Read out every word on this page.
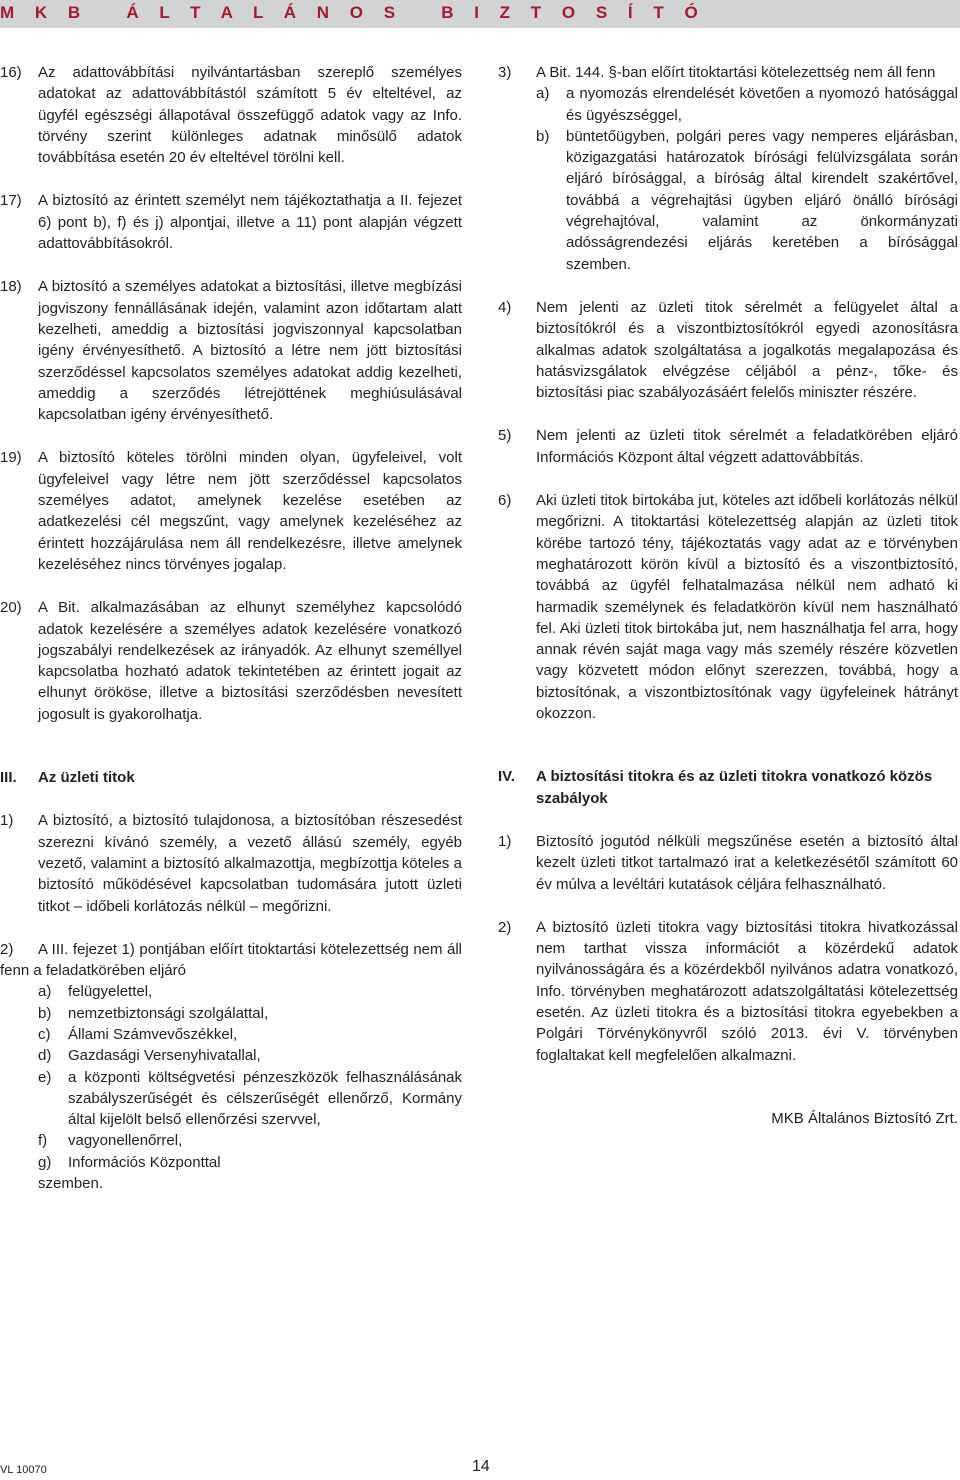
M K B   Á L T A L Á N O S   B I Z T O S Í T Ó
16)	Az adattovábbítási nyilvántartásban szereplő személyes adatokat az adattovábbítástól számított 5 év elteltével, az ügyfél egészségi állapotával összefüggő adatok vagy az Info. törvény szerint különleges adatnak minősülő adatok továbbítása esetén 20 év elteltével törölni kell.
17)	A biztosító az érintett személyt nem tájékoztathatja a II. fejezet 6) pont b), f) és j) alpontjai, illetve a 11) pont alapján végzett adattovábbításokról.
18)	A biztosító a személyes adatokat a biztosítási, illetve megbízási jogviszony fennállásának idején, valamint azon időtartam alatt kezelheti, ameddig a biztosítási jogviszonnyal kapcsolatban igény érvényesíthető. A biztosító a létre nem jött biztosítási szerződéssel kapcsolatos személyes adatokat addig kezelheti, ameddig a szerződés létrejöttének meghiúsulásával kapcsolatban igény érvényesíthető.
19)	A biztosító köteles törölni minden olyan, ügyfeleivel, volt ügyfeleivel vagy létre nem jött szerződéssel kapcsolatos személyes adatot, amelynek kezelése esetében az adatkezelési cél megszűnt, vagy amelynek kezeléséhez az érintett hozzájárulása nem áll rendelkezésre, illetve amelynek kezeléséhez nincs törvényes jogalap.
20)	A Bit. alkalmazásában az elhunyt személyhez kapcsolódó adatok kezelésére a személyes adatok kezelésére vonatkozó jogszabályi rendelkezések az irányadók. Az elhunyt személlyel kapcsolatba hozható adatok tekintetében az érintett jogait az elhunyt örököse, illetve a biztosítási szerződésben nevesített jogosult is gyakorolhatja.
III.	Az üzleti titok
1)	A biztosító, a biztosító tulajdonosa, a biztosítóban részesedést szerezni kívánó személy, a vezető állású személy, egyéb vezető, valamint a biztosító alkalmazottja, megbízottja köteles a biztosító működésével kapcsolatban tudomására jutott üzleti titkot – időbeli korlátozás nélkül – megőrizni.
2) A III. fejezet 1) pontjában előírt titoktartási kötelezettség nem áll fenn a feladatkörében eljáró
a)	felügyelettel,
b)	nemzetbiztonsági szolgálattal,
c)	Állami Számvevőszékkel,
d)	Gazdasági Versenyhivatallal,
e)	a központi költségvetési pénzeszközök felhasználásának szabályszerűségét és célszerűségét ellenőrző, Kormány által kijelölt belső ellenőrzési szervvel,
f)	vagyonellenőrrel,
g)	Információs Központtal
szemben.
3)	A Bit. 144. §-ban előírt titoktartási kötelezettség nem áll fenn
a)	a nyomozás elrendelését követően a nyomozó hatósággal és ügyészséggel,
b)	büntetőügyben, polgári peres vagy nemperes eljárásban, közigazgatási határozatok bírósági felülvizsgálata során eljáró bírósággal, a bíróság által kirendelt szakértővel, továbbá a végrehajtási ügyben eljáró önálló bírósági végrehajtóval, valamint az önkormányzati adósságrendezési eljárás keretében a bírósággal szemben.
4)	Nem jelenti az üzleti titok sérelmét a felügyelet által a biztosítókról és a viszontbiztosítókról egyedi azonosításra alkalmas adatok szolgáltatása a jogalkotás megalapozása és hatásvizsgálatok elvégzése céljából a pénz-, tőke- és biztosítási piac szabályozásáért felelős miniszter részére.
5)	Nem jelenti az üzleti titok sérelmét a feladatkörében eljáró Információs Központ által végzett adattovábbítás.
6)	Aki üzleti titok birtokába jut, köteles azt időbeli korlátozás nélkül megőrizni. A titoktartási kötelezettség alapján az üzleti titok körébe tartozó tény, tájékoztatás vagy adat az e törvényben meghatározott körön kívül a biztosító és a viszontbiztosító, továbbá az ügyfél felhatalmazása nélkül nem adható ki harmadik személynek és feladatkörön kívül nem használható fel. Aki üzleti titok birtokába jut, nem használhatja fel arra, hogy annak révén saját maga vagy más személy részére közvetlen vagy közvetett módon előnyt szerezzen, továbbá, hogy a biztosítónak, a viszontbiztosítónak vagy ügyfeleinek hátrányt okozzon.
IV.	A biztosítási titokra és az üzleti titokra vonatkozó közös szabályok
1)	Biztosító jogutód nélküli megszűnése esetén a biztosító által kezelt üzleti titkot tartalmazó irat a keletkezésétől számított 60 év múlva a levéltári kutatások céljára felhasználható.
2)	A biztosító üzleti titokra vagy biztosítási titokra hivatkozással nem tarthat vissza információt a közérdekű adatok nyilvánosságára és a közérdekből nyilvános adatra vonatkozó, Info. törvényben meghatározott adatszolgáltatási kötelezettség esetén. Az üzleti titokra és a biztosítási titokra egyebekben a Polgári Törvénykönyvről szóló 2013. évi V. törvényben foglaltakat kell megfelelően alkalmazni.
MKB Általános Biztosító Zrt.
VL 10070	14
